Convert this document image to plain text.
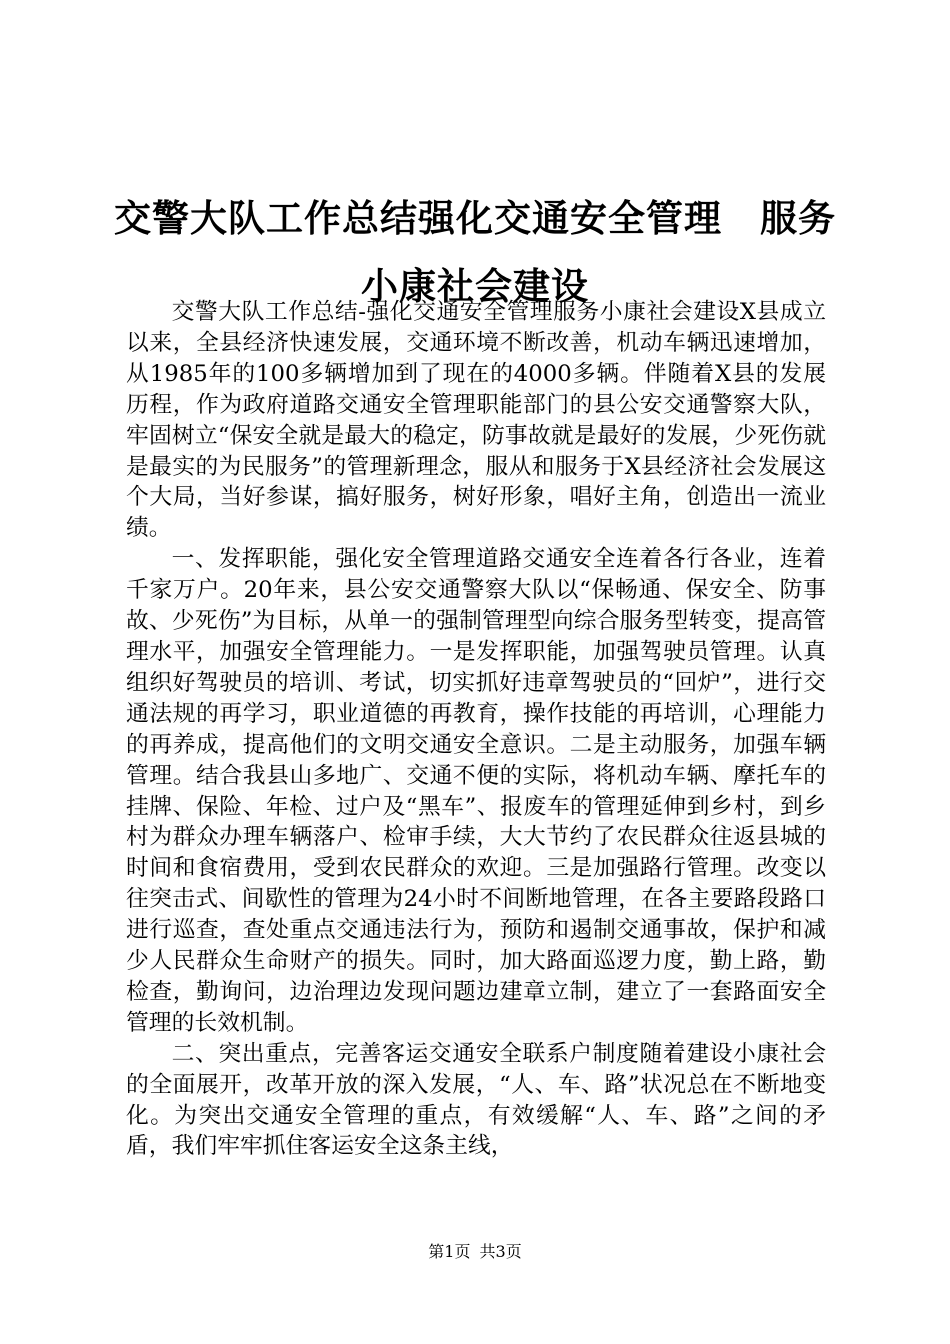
交警大队工作总结强化交通安全管理　服务小康社会建设

交警大队工作总结-强化交通安全管理服务小康社会建设X县成立以来，全县经济快速发展，交通环境不断改善，机动车辆迅速增加，从1985年的100多辆增加到了现在的4000多辆。伴随着X县的发展历程，作为政府道路交通安全管理职能部门的县公安交通警察大队，牢固树立“保安全就是最大的稳定，防事故就是最好的发展，少死伤就是最实的为民服务”的管理新理念，服从和服务于X县经济社会发展这个大局，当好参谋，搞好服务，树好形象，唱好主角，创造出一流业绩。

一、发挥职能，强化安全管理道路交通安全连着各行各业，连着千家万户。20年来，县公安交通警察大队以“保畅通、保安全、防事故、少死伤”为目标，从单一的强制管理型向综合服务型转变，提高管理水平，加强安全管理能力。一是发挥职能，加强驾驶员管理。认真组织好驾驶员的培训、考试，切实抓好违章驾驶员的“回炉”，进行交通法规的再学习，职业道德的再教育，操作技能的再培训，心理能力的再养成，提高他们的文明交通安全意识。二是主动服务，加强车辆管理。结合我县山多地广、交通不便的实际，将机动车辆、摩托车的挂牌、保险、年检、过户及“黑车”、报废车的管理延伸到乡村，到乡村为群众办理车辆落户、检审手续，大大节约了农民群众往返县城的时间和食宿费用，受到农民群众的欢迎。三是加强路行管理。改变以往突击式、间歇性的管理为24小时不间断地管理，在各主要路段路口进行巡查，查处重点交通违法行为，预防和遏制交通事故，保护和减少人民群众生命财产的损失。同时，加大路面巡逻力度，勤上路，勤检查，勤询问，边治理边发现问题边建章立制，建立了一套路面安全管理的长效机制。

二、突出重点，完善客运交通安全联系户制度随着建设小康社会的全面展开，改革开放的深入发展，“人、车、路”状况总在不断地变化。为突出交通安全管理的重点，有效缓解“人、车、路”之间的矛盾，我们牢牢抓住客运安全这条主线，

第1页 共3页
